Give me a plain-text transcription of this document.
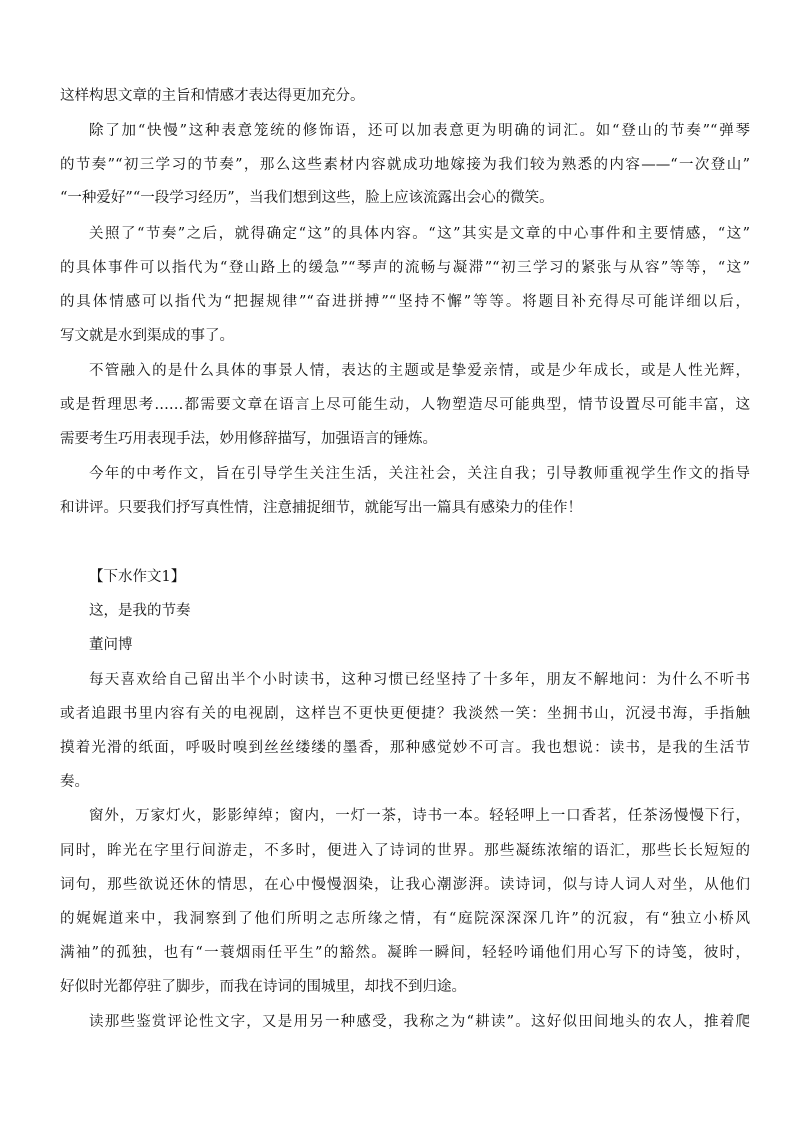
这样构思文章的主旨和情感才表达得更加充分。
除了加“快慢”这种表意笼统的修饰语，还可以加表意更为明确的词汇。如“登山的节奏”“弹琴
的节奏”“初三学习的节奏”，那么这些素材内容就成功地嫁接为我们较为熟悉的内容——“一次登山”
“一种爱好”“一段学习经历”，当我们想到这些，脸上应该流露出会心的微笑。
关照了“节奏”之后，就得确定“这”的具体内容。“这”其实是文章的中心事件和主要情感，“这”
的具体事件可以指代为“登山路上的缓急”“琴声的流畅与凝滞”“初三学习的紧张与从容”等等，“这”
的具体情感可以指代为“把握规律”“奋进拼搏”“坚持不懈”等等。将题目补充得尽可能详细以后，
写文就是水到渠成的事了。
不管融入的是什么具体的事景人情，表达的主题或是挚爱亲情，或是少年成长，或是人性光辉，
或是哲理思考……都需要文章在语言上尽可能生动，人物塑造尽可能典型，情节设置尽可能丰富，这
需要考生巧用表现手法，妙用修辞描写，加强语言的锤炼。
今年的中考作文，旨在引导学生关注生活，关注社会，关注自我；引导教师重视学生作文的指导
和讲评。只要我们抒写真性情，注意捕捉细节，就能写出一篇具有感染力的佳作！
【下水作文1】
这，是我的节奏
董问博
每天喜欢给自己留出半个小时读书，这种习惯已经坚持了十多年，朋友不解地问：为什么不听书
或者追跟书里内容有关的电视剧，这样岂不更快更便捷？我淡然一笑：坐拥书山，沉浸书海，手指触
摸着光滑的纸面，呼吸时嗅到丝丝缕缕的墨香，那种感觉妙不可言。我也想说：读书，是我的生活节
奏。
窗外，万家灯火，影影绰绰；窗内，一灯一茶，诗书一本。轻轻呷上一口香茗，任茶汤慢慢下行，
同时，眸光在字里行间游走，不多时，便进入了诗词的世界。那些凝练浓缩的语汇，那些长长短短的
词句，那些欲说还休的情思，在心中慢慢洇染，让我心潮澎湃。读诗词，似与诗人词人对坐，从他们
的娓娓道来中，我洞察到了他们所明之志所缘之情，有“庭院深深深几许”的沉寂，有“独立小桥风
满袖”的孤独，也有“一蓑烟雨任平生”的豁然。凝眸一瞬间，轻轻吟诵他们用心写下的诗笺，彼时，
好似时光都停驻了脚步，而我在诗词的围城里，却找不到归途。
读那些鉴赏评论性文字，又是用另一种感受，我称之为“耕读”。这好似田间地头的农人，推着爬
